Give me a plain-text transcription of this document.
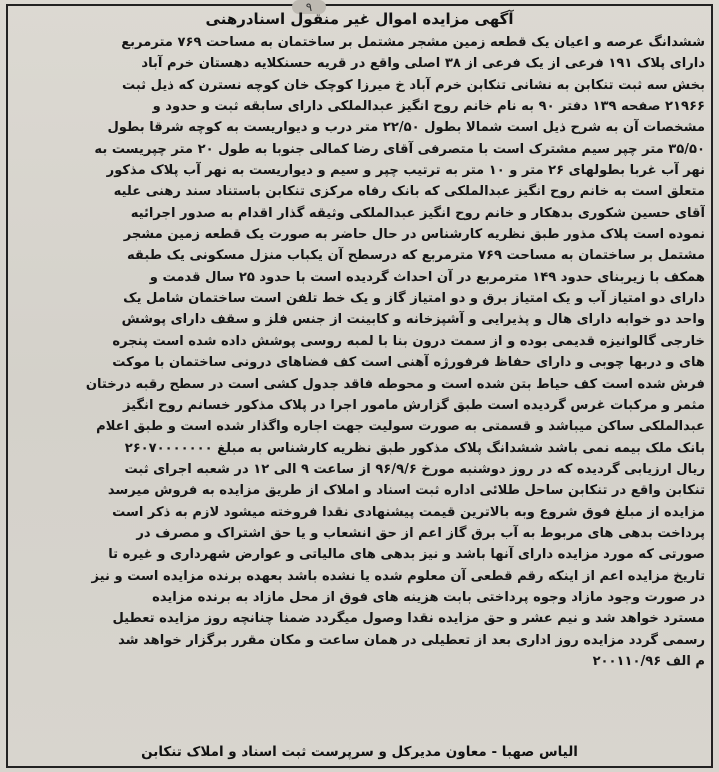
۹
آگهی مزایده اموال غیر منقول اسنادرهنی
ششدانگ عرصه و اعیان یک قطعه زمین مشجر مشتمل بر ساختمان به مساحت ۷۶۹ مترمربع
دارای پلاک ۱۹۱ فرعی از یک فرعی از ۳۸ اصلی واقع در قریه حسنکلایه دهستان خرم آباد
بخش سه ثبت تنکابن به نشانی تنکابن خرم آباد خ میرزا کوچک خان کوچه نسترن که ذیل ثبت
۲۱۹۶۶ صفحه ۱۳۹ دفتر ۹۰ به نام خانم روح انگیز عبدالملکی دارای سابقه ثبت و حدود و
مشخصات آن به شرح ذیل است شمالا بطول ۲۲/۵۰ متر درب و دیواریست به کوچه شرقا بطول
۳۵/۵۰ متر چپر سیم مشترک است با متصرفی آقای رضا کمالی جنوبا به طول ۲۰ متر چپریست به
نهر آب غربا بطولهای ۲۶ متر و ۱۰ متر به ترتیب چپر و سیم و دیواریست به نهر آب پلاک مذکور
متعلق است به خانم روح انگیز عبدالملکی که بانک رفاه مرکزی تنکابن باستناد سند رهنی علیه
آقای حسین شکوری بدهکار و خانم روح انگیز عبدالملکی وثیقه گذار اقدام به صدور اجرائیه
نموده است پلاک مذور طبق نظریه کارشناس در حال حاضر به صورت یک قطعه زمین مشجر
مشتمل بر ساختمان به مساحت ۷۶۹ مترمربع که درسطح آن یکباب منزل مسکونی یک طبقه
همکف با زیربنای حدود ۱۴۹ مترمربع در آن احداث گردیده است با حدود ۲۵ سال قدمت و
دارای دو امتیاز آب و یک امتیاز برق و دو امتیاز گاز و یک خط تلفن است ساختمان شامل یک
واحد دو خوابه دارای هال و پذیرایی و آشپزخانه و کابینت از جنس فلز و سقف دارای پوشش
خارجی گالوانیزه قدیمی بوده و از سمت درون بنا با لمبه روسی پوشش داده شده است پنجره
های و دربها چوبی و دارای حفاظ فرفورژه آهنی است کف فضاهای درونی ساختمان با موکت
فرش شده است کف حیاط بتن شده است و محوطه فاقد جدول کشی است در سطح رقبه درختان
مثمر و مرکبات غرس گردیده است طبق گزارش مامور اجرا در پلاک مذکور خسانم روح انگیز
عبدالملکی ساکن میباشد و قسمتی به صورت سولیت جهت اجاره واگذار شده است و طبق اعلام
بانک ملک بیمه نمی باشد ششدانگ پلاک مذکور طبق نظریه کارشناس به مبلغ ۲۶۰۷۰۰۰۰۰۰۰
ریال ارزیابی گردیده که در روز دوشنبه مورخ ۹۶/۹/۶ از ساعت ۹ الی ۱۲ در شعبه اجرای ثبت
تنکابن واقع در تنکابن ساحل طلائی اداره ثبت اسناد و املاک از طریق مزایده به فروش میرسد
مزایده از مبلغ فوق شروع وبه بالاترین قیمت پیشنهادی نقدا فروخته میشود لازم به ذکر است
پرداخت بدهی های مربوط به آب برق گاز اعم از حق انشعاب و یا حق اشتراک و مصرف در
صورتی که مورد مزایده دارای آنها باشد و نیز بدهی های مالیاتی و عوارض شهرداری و غیره تا
تاریخ مزایده اعم از اینکه رقم قطعی آن معلوم شده یا نشده باشد بعهده برنده مزایده است و نیز
در صورت وجود مازاد وجوه پرداختی بابت هزینه های فوق از محل مازاد به برنده مزایده
مسترد خواهد شد و نیم عشر و حق مزایده نقدا وصول میگردد ضمنا چنانچه روز مزایده تعطیل
رسمی گردد مزایده روز اداری بعد از تعطیلی در همان ساعت و مکان مقرر برگزار خواهد شد
م الف ۲۰۰۱۱۰/۹۶
الیاس صهبا - معاون مدیرکل و سرپرست ثبت اسناد و املاک تنکابن
